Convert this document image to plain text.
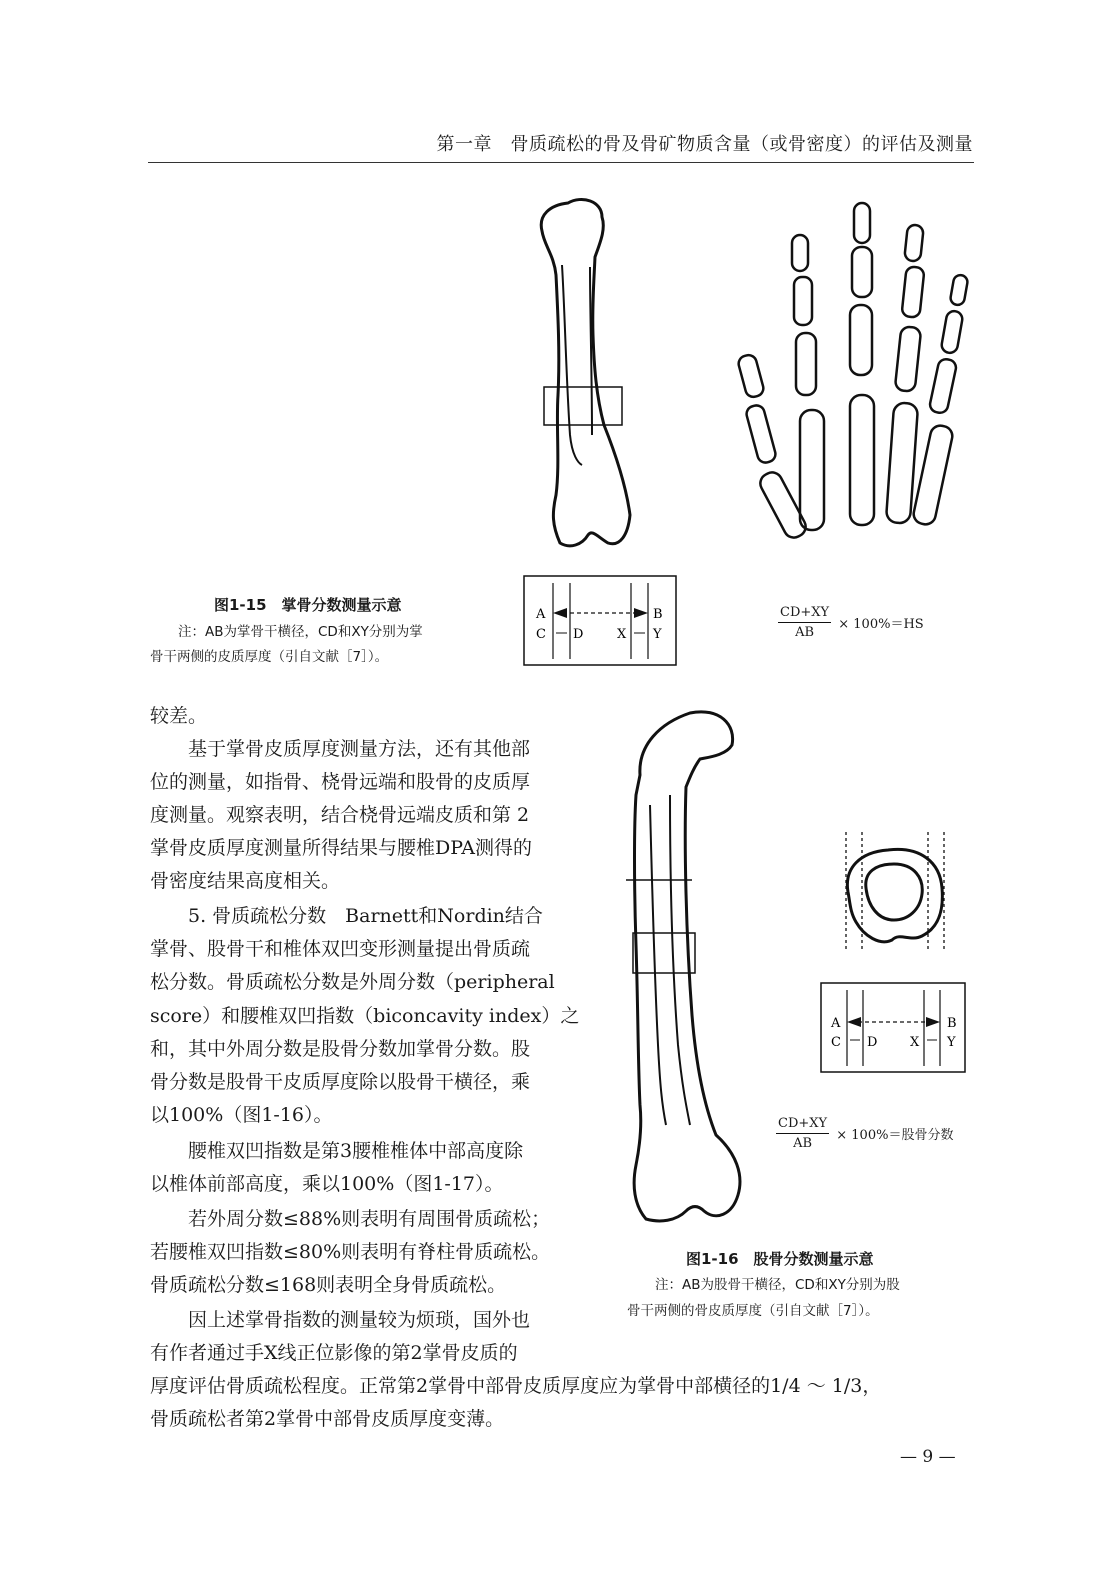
第一章　骨质疏松的骨及骨矿物质含量（或骨密度）的评估及测量
A	B
C D	X Y	$\frac{CD+XY}{AB} \times 100\%=HS$
图1-15　掌骨分数测量示意
注：AB为掌骨干横径，CD和XY分别为掌
骨干两侧的皮质厚度（引自文献［7］）。
A	B
C D	X Y
$\frac{CD+XY}{AB} \times 100\%=$股骨分数
图1-16　股骨分数测量示意
注：AB为股骨干横径，CD和XY分别为股
骨干两侧的骨皮质厚度（引自文献［7］）。
较差。
　　基于掌骨皮质厚度测量方法，还有其他部
位的测量，如指骨、桡骨远端和股骨的皮质厚
度测量。观察表明，结合桡骨远端皮质和第 2
掌骨皮质厚度测量所得结果与腰椎DPA测得的
骨密度结果高度相关。
　　5. 骨质疏松分数　Barnett和Nordin结合
掌骨、股骨干和椎体双凹变形测量提出骨质疏
松分数。骨质疏松分数是外周分数（peripheral
score）和腰椎双凹指数（biconcavity index）之
和，其中外周分数是股骨分数加掌骨分数。股
骨分数是股骨干皮质厚度除以股骨干横径，乘
以100%（图1-16）。
　　腰椎双凹指数是第3腰椎椎体中部高度除
以椎体前部高度，乘以100%（图1-17）。
　　若外周分数≤88%则表明有周围骨质疏松；
若腰椎双凹指数≤80%则表明有脊柱骨质疏松。
骨质疏松分数≤168则表明全身骨质疏松。
　　因上述掌骨指数的测量较为烦琐，国外也
有作者通过手X线正位影像的第2掌骨皮质的
厚度评估骨质疏松程度。正常第2掌骨中部骨皮质厚度应为掌骨中部横径的1/4 ～ 1/3，
骨质疏松者第2掌骨中部骨皮质厚度变薄。
— 9 —
